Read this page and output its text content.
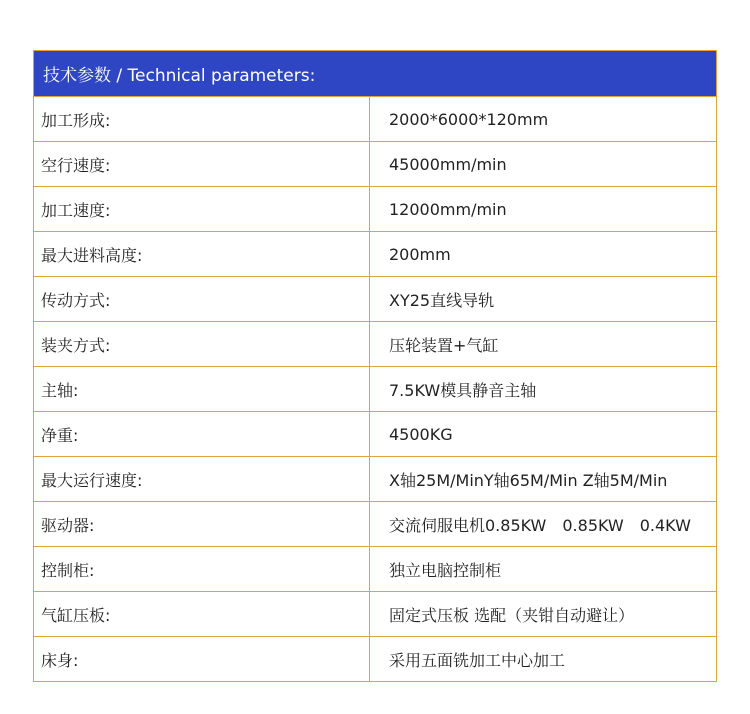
技术参数 / Technical parameters:
加工形成:	2000*6000*120mm
空行速度:	45000mm/min
加工速度:	12000mm/min
最大进料高度:	200mm
传动方式:	XY25直线导轨
装夹方式:	压轮装置+气缸
主轴:	7.5KW模具静音主轴
净重:	4500KG
最大运行速度:	X轴25M/MinY轴65M/Min Z轴5M/Min
驱动器:	交流伺服电机0.85KW　0.85KW　0.4KW
控制柜:	独立电脑控制柜
气缸压板:	固定式压板 选配（夹钳自动避让）
床身:	采用五面铣加工中心加工
